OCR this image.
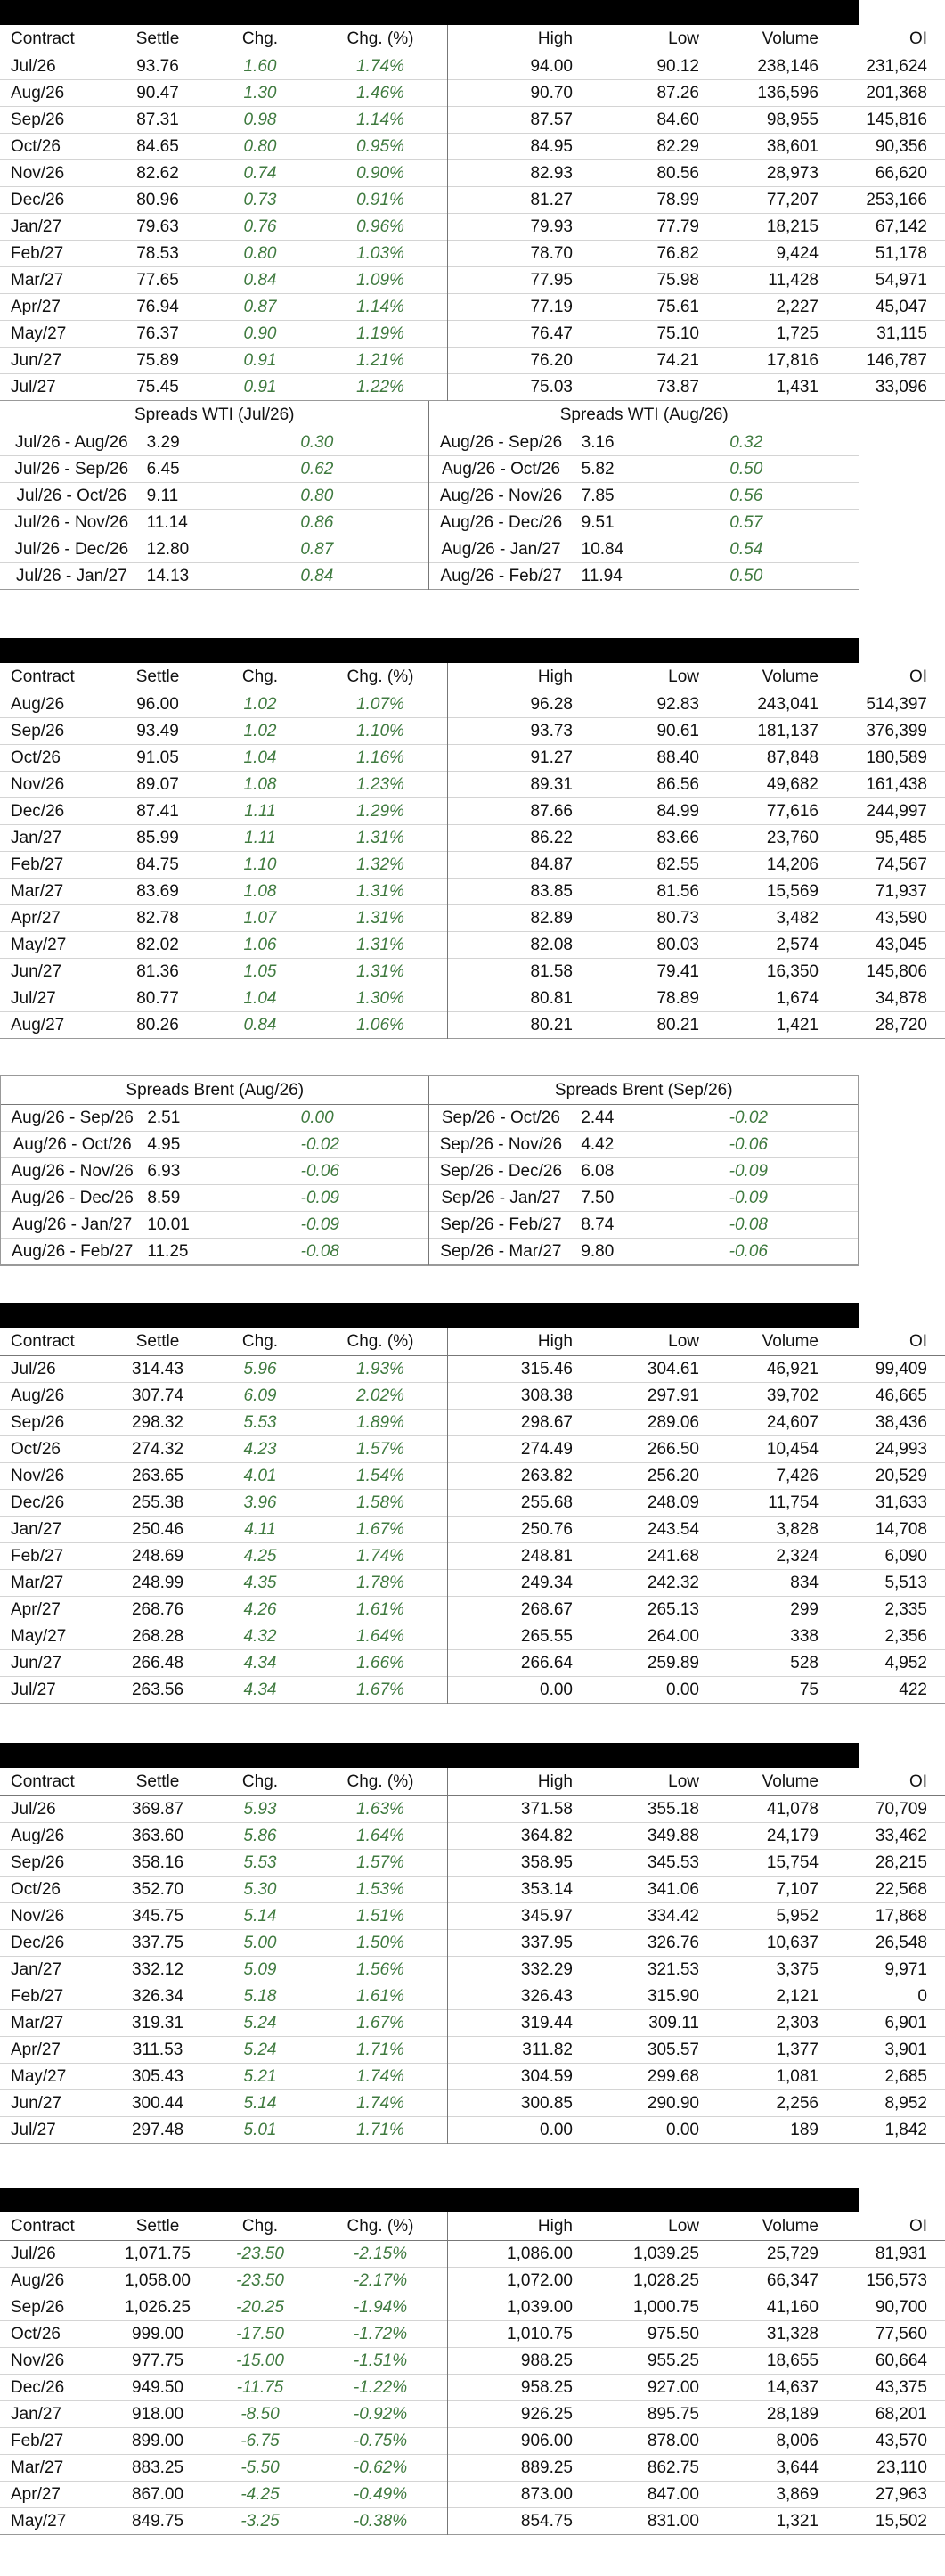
Contract	Settle	Chg.	Chg. (%)	High	Low	Volume	OI
Jul/26	93.76	1.60	1.74%	94.00	90.12	238,146	231,624
Aug/26	90.47	1.30	1.46%	90.70	87.26	136,596	201,368
Sep/26	87.31	0.98	1.14%	87.57	84.60	98,955	145,816
Oct/26	84.65	0.80	0.95%	84.95	82.29	38,601	90,356
Nov/26	82.62	0.74	0.90%	82.93	80.56	28,973	66,620
Dec/26	80.96	0.73	0.91%	81.27	78.99	77,207	253,166
Jan/27	79.63	0.76	0.96%	79.93	77.79	18,215	67,142
Feb/27	78.53	0.80	1.03%	78.70	76.82	9,424	51,178
Mar/27	77.65	0.84	1.09%	77.95	75.98	11,428	54,971
Apr/27	76.94	0.87	1.14%	77.19	75.61	2,227	45,047
May/27	76.37	0.90	1.19%	76.47	75.10	1,725	31,115
Jun/27	75.89	0.91	1.21%	76.20	74.21	17,816	146,787
Jul/27	75.45	0.91	1.22%	75.03	73.87	1,431	33,096
Spreads WTI (Jul/26)			Spreads WTI (Aug/26)		
Jul/26 - Aug/26	3.29	0.30	Aug/26 - Sep/26	3.16	0.32
Jul/26 - Sep/26	6.45	0.62	Aug/26 - Oct/26	5.82	0.50
Jul/26 - Oct/26	9.11	0.80	Aug/26 - Nov/26	7.85	0.56
Jul/26 - Nov/26	11.14	0.86	Aug/26 - Dec/26	9.51	0.57
Jul/26 - Dec/26	12.80	0.87	Aug/26 - Jan/27	10.84	0.54
Jul/26 - Jan/27	14.13	0.84	Aug/26 - Feb/27	11.94	0.50
Contract	Settle	Chg.	Chg. (%)	High	Low	Volume	OI
Aug/26	96.00	1.02	1.07%	96.28	92.83	243,041	514,397
Sep/26	93.49	1.02	1.10%	93.73	90.61	181,137	376,399
Oct/26	91.05	1.04	1.16%	91.27	88.40	87,848	180,589
Nov/26	89.07	1.08	1.23%	89.31	86.56	49,682	161,438
Dec/26	87.41	1.11	1.29%	87.66	84.99	77,616	244,997
Jan/27	85.99	1.11	1.31%	86.22	83.66	23,760	95,485
Feb/27	84.75	1.10	1.32%	84.87	82.55	14,206	74,567
Mar/27	83.69	1.08	1.31%	83.85	81.56	15,569	71,937
Apr/27	82.78	1.07	1.31%	82.89	80.73	3,482	43,590
May/27	82.02	1.06	1.31%	82.08	80.03	2,574	43,045
Jun/27	81.36	1.05	1.31%	81.58	79.41	16,350	145,806
Jul/27	80.77	1.04	1.30%	80.81	78.89	1,674	34,878
Aug/27	80.26	0.84	1.06%	80.21	80.21	1,421	28,720
Spreads Brent (Aug/26)			Spreads Brent (Sep/26)		
Aug/26 - Sep/26	2.51	0.00	Sep/26 - Oct/26	2.44	-0.02
Aug/26 - Oct/26	4.95	-0.02	Sep/26 - Nov/26	4.42	-0.06
Aug/26 - Nov/26	6.93	-0.06	Sep/26 - Dec/26	6.08	-0.09
Aug/26 - Dec/26	8.59	-0.09	Sep/26 - Jan/27	7.50	-0.09
Aug/26 - Jan/27	10.01	-0.09	Sep/26 - Feb/27	8.74	-0.08
Aug/26 - Feb/27	11.25	-0.08	Sep/26 - Mar/27	9.80	-0.06
Contract	Settle	Chg.	Chg. (%)	High	Low	Volume	OI
Jul/26	314.43	5.96	1.93%	315.46	304.61	46,921	99,409
Aug/26	307.74	6.09	2.02%	308.38	297.91	39,702	46,665
Sep/26	298.32	5.53	1.89%	298.67	289.06	24,607	38,436
Oct/26	274.32	4.23	1.57%	274.49	266.50	10,454	24,993
Nov/26	263.65	4.01	1.54%	263.82	256.20	7,426	20,529
Dec/26	255.38	3.96	1.58%	255.68	248.09	11,754	31,633
Jan/27	250.46	4.11	1.67%	250.76	243.54	3,828	14,708
Feb/27	248.69	4.25	1.74%	248.81	241.68	2,324	6,090
Mar/27	248.99	4.35	1.78%	249.34	242.32	834	5,513
Apr/27	268.76	4.26	1.61%	268.67	265.13	299	2,335
May/27	268.28	4.32	1.64%	265.55	264.00	338	2,356
Jun/27	266.48	4.34	1.66%	266.64	259.89	528	4,952
Jul/27	263.56	4.34	1.67%	0.00	0.00	75	422
Contract	Settle	Chg.	Chg. (%)	High	Low	Volume	OI
Jul/26	369.87	5.93	1.63%	371.58	355.18	41,078	70,709
Aug/26	363.60	5.86	1.64%	364.82	349.88	24,179	33,462
Sep/26	358.16	5.53	1.57%	358.95	345.53	15,754	28,215
Oct/26	352.70	5.30	1.53%	353.14	341.06	7,107	22,568
Nov/26	345.75	5.14	1.51%	345.97	334.42	5,952	17,868
Dec/26	337.75	5.00	1.50%	337.95	326.76	10,637	26,548
Jan/27	332.12	5.09	1.56%	332.29	321.53	3,375	9,971
Feb/27	326.34	5.18	1.61%	326.43	315.90	2,121	0
Mar/27	319.31	5.24	1.67%	319.44	309.11	2,303	6,901
Apr/27	311.53	5.24	1.71%	311.82	305.57	1,377	3,901
May/27	305.43	5.21	1.74%	304.59	299.68	1,081	2,685
Jun/27	300.44	5.14	1.74%	300.85	290.90	2,256	8,952
Jul/27	297.48	5.01	1.71%	0.00	0.00	189	1,842
Contract	Settle	Chg.	Chg. (%)	High	Low	Volume	OI
Jul/26	1,071.75	-23.50	-2.15%	1,086.00	1,039.25	25,729	81,931
Aug/26	1,058.00	-23.50	-2.17%	1,072.00	1,028.25	66,347	156,573
Sep/26	1,026.25	-20.25	-1.94%	1,039.00	1,000.75	41,160	90,700
Oct/26	999.00	-17.50	-1.72%	1,010.75	975.50	31,328	77,560
Nov/26	977.75	-15.00	-1.51%	988.25	955.25	18,655	60,664
Dec/26	949.50	-11.75	-1.22%	958.25	927.00	14,637	43,375
Jan/27	918.00	-8.50	-0.92%	926.25	895.75	28,189	68,201
Feb/27	899.00	-6.75	-0.75%	906.00	878.00	8,006	43,570
Mar/27	883.25	-5.50	-0.62%	889.25	862.75	3,644	23,110
Apr/27	867.00	-4.25	-0.49%	873.00	847.00	3,869	27,963
May/27	849.75	-3.25	-0.38%	854.75	831.00	1,321	15,502
